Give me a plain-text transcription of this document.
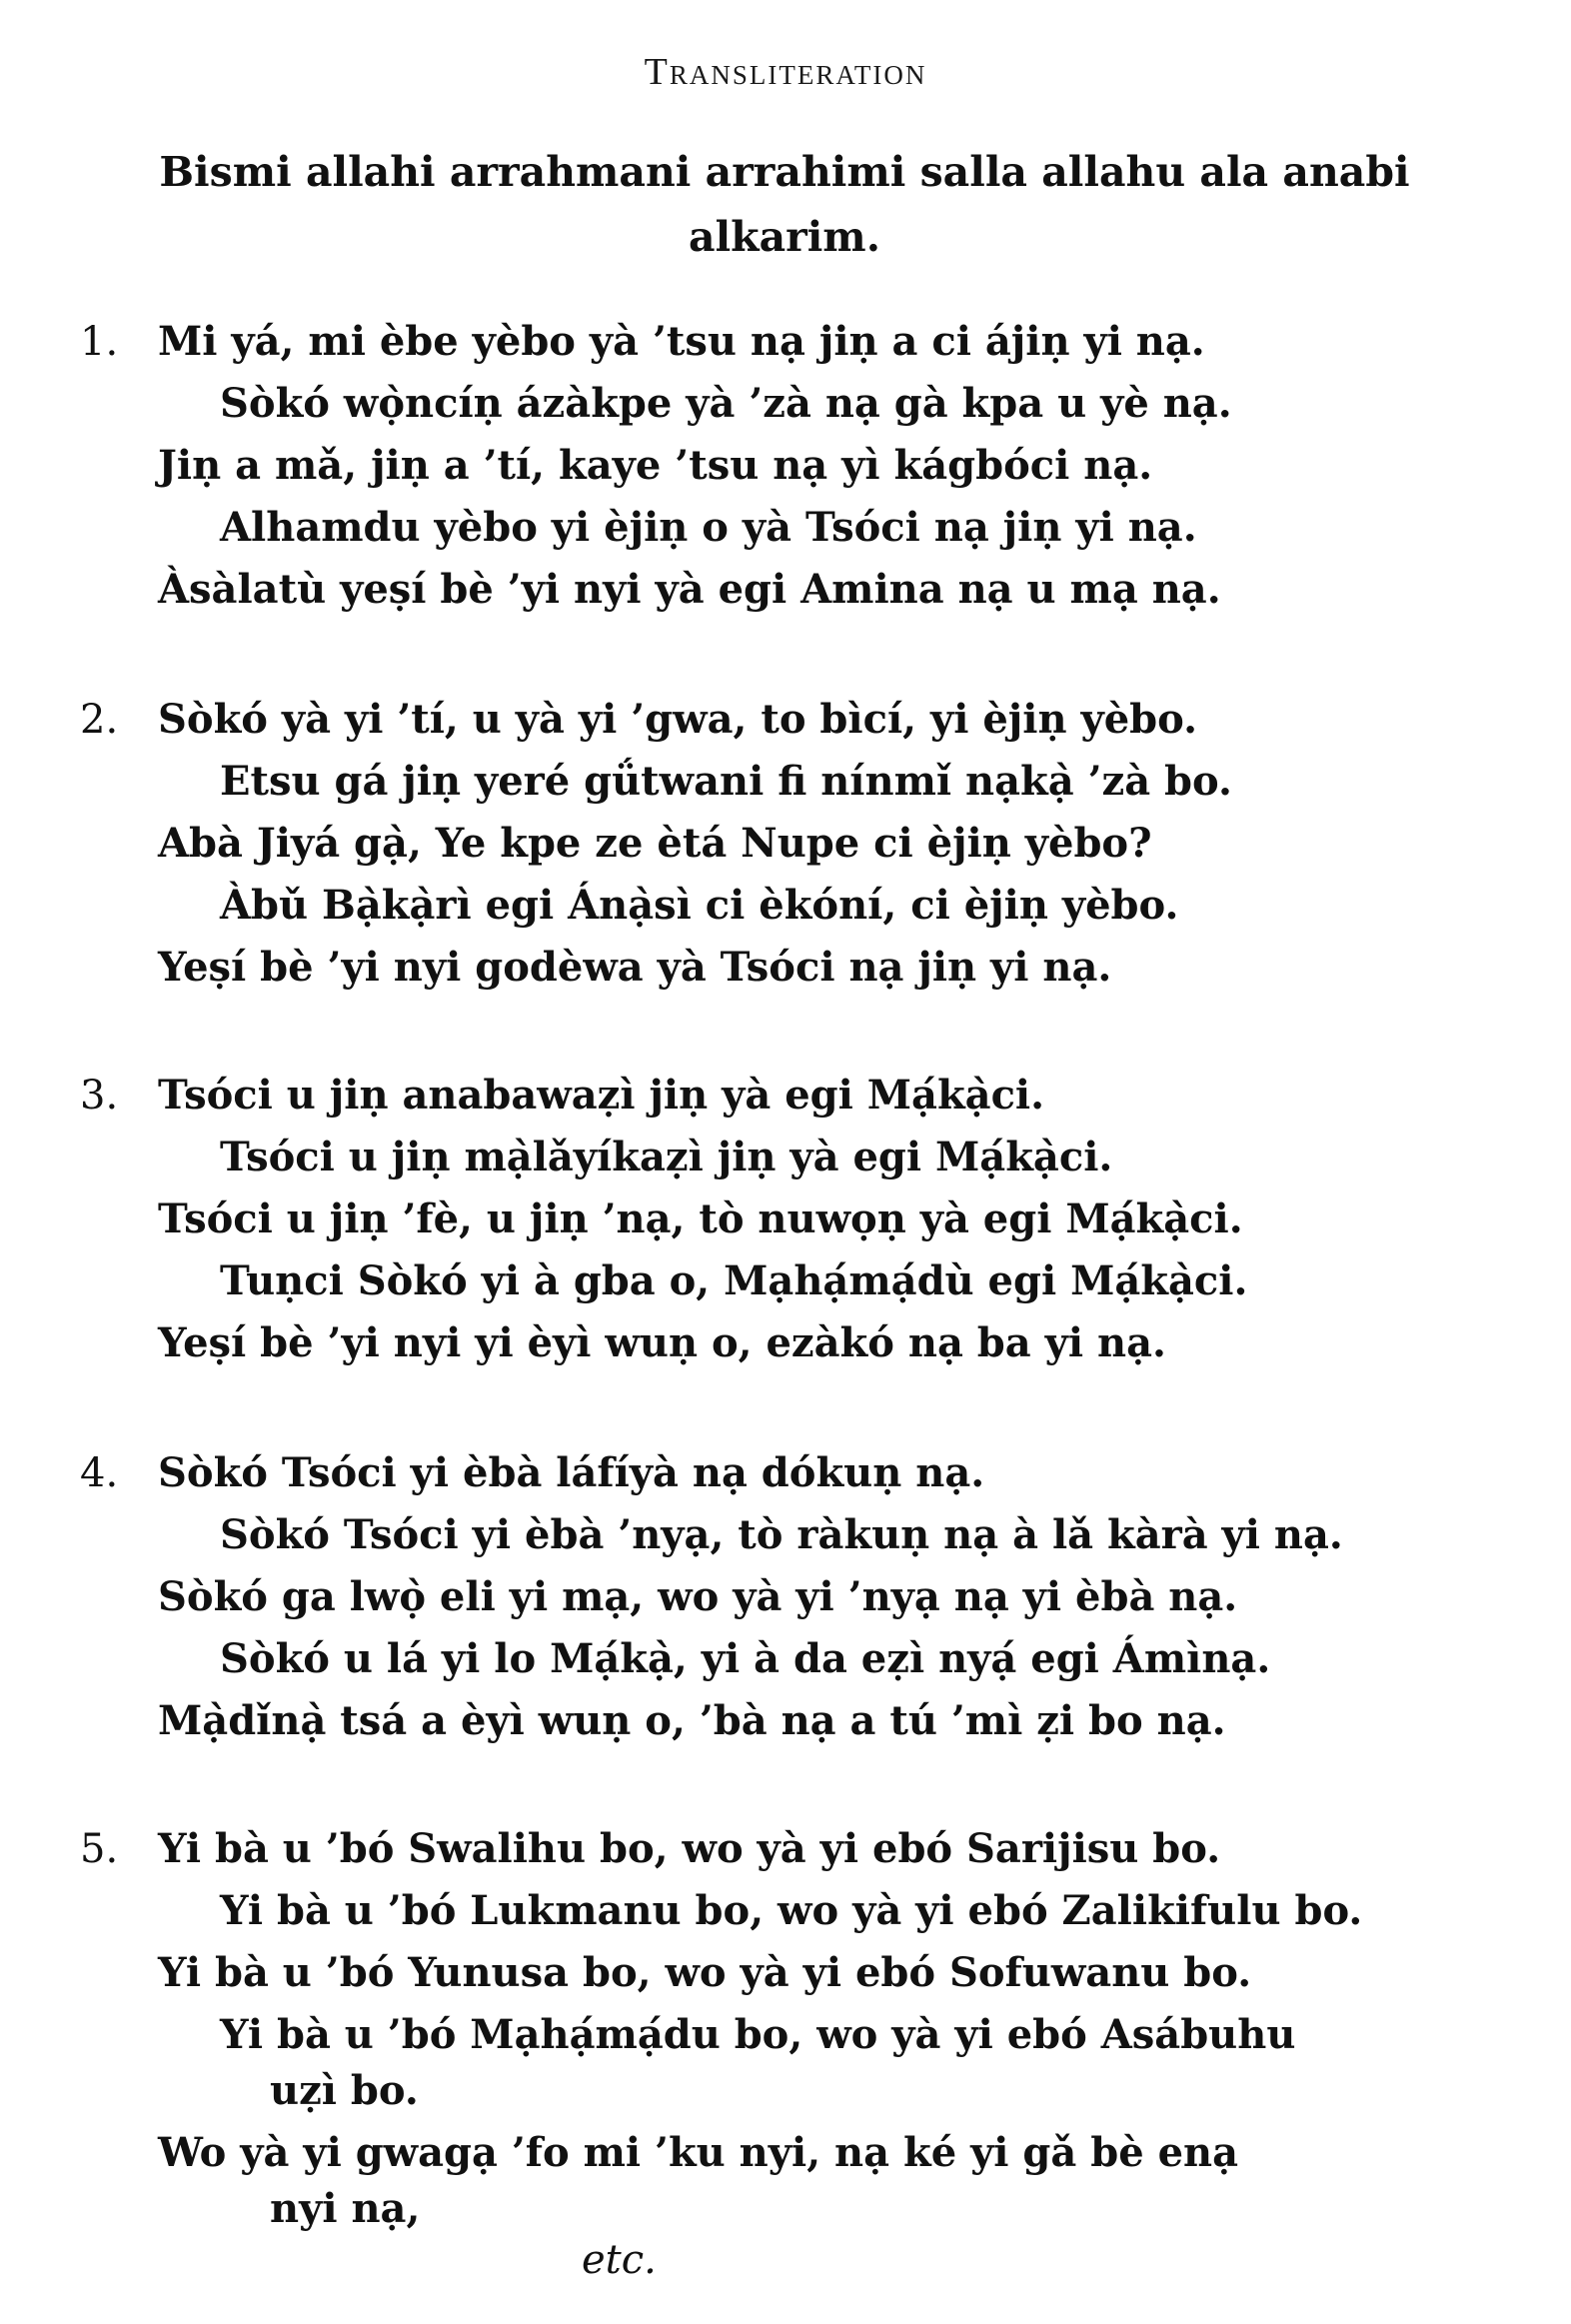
Transliteration
Bismi allahi arrahmani arrahimi salla allahu ala anabi alkarim.
1. Mi yá, mi èbe yèbo yà ’tsu nạ jiṇ a ci ájiṇ yi nạ.
Sòkó wọ̀ncíṇ ázàkpe yà ’zà nạ gà kpa u yè nạ.
Jiṇ a mǎ, jiṇ a ’tí, kaye ’tsu nạ yì kágbóci nạ.
Alhamdu yèbo yi èjiṇ o yà Tsóci nạ jiṇ yi nạ.
Àsàlatù yeṣí bè ’yi nyi yà egi Amina nạ u mạ nạ.
2. Sòkó yà yi ’tí, u yà yi ’gwa, to bìcí, yi èjiṇ yèbo.
Etsu gá jiṇ yeré gǘtwani fi nínmǐ nạkạ̀ ’zà bo.
Abà Jiyá gạ̀, Ye kpe ze ètá Nupe ci èjiṇ yèbo?
Àbǔ Bạ̀kạ̀rì egi Ánạ̀sì ci èkóní, ci èjiṇ yèbo.
Yeṣí bè ’yi nyi godèwa yà Tsóci nạ jiṇ yi nạ.
3. Tsóci u jiṇ anabawaẓì jiṇ yà egi Mạ́kạ̀ci.
Tsóci u jiṇ mạ̀lǎyíkaẓì jiṇ yà egi Mạ́kạ̀ci.
Tsóci u jiṇ ’fè, u jiṇ ’nạ, tò nuwọṇ yà egi Mạ́kạ̀ci.
Tuṇci Sòkó yi à gba o, Mạhạ́mạ́dù egi Mạ́kạ̀ci.
Yeṣí bè ’yi nyi yi èyì wuṇ o, ezàkó nạ ba yi nạ.
4. Sòkó Tsóci yi èbà láfíyà nạ dókuṇ nạ.
Sòkó Tsóci yi èbà ’nyạ, tò ràkuṇ nạ à lǎ kàrà yi nạ.
Sòkó ga lwọ̀ eli yi mạ, wo yà yi ’nyạ nạ yi èbà nạ.
Sòkó u lá yi lo Mạ́kạ̀, yi à da eẓì nyạ́ egi Ámìnạ.
Mạ̀dǐnạ̀ tsá a èyì wuṇ o, ’bà nạ a tú ’mì ẓi bo nạ.
5. Yi bà u ’bó Swalihu bo, wo yà yi ebó Sarijisu bo.
Yi bà u ’bó Lukmanu bo, wo yà yi ebó Zalikifulu bo.
Yi bà u ’bó Yunusa bo, wo yà yi ebó Sofuwanu bo.
Yi bà u ’bó Mạhạ́mạ́du bo, wo yà yi ebó Asábuhu
uẓì bo.
Wo yà yi gwagạ ’fo mi ’ku nyi, nạ ké yi gǎ bè enạ
nyi nạ,
etc.
